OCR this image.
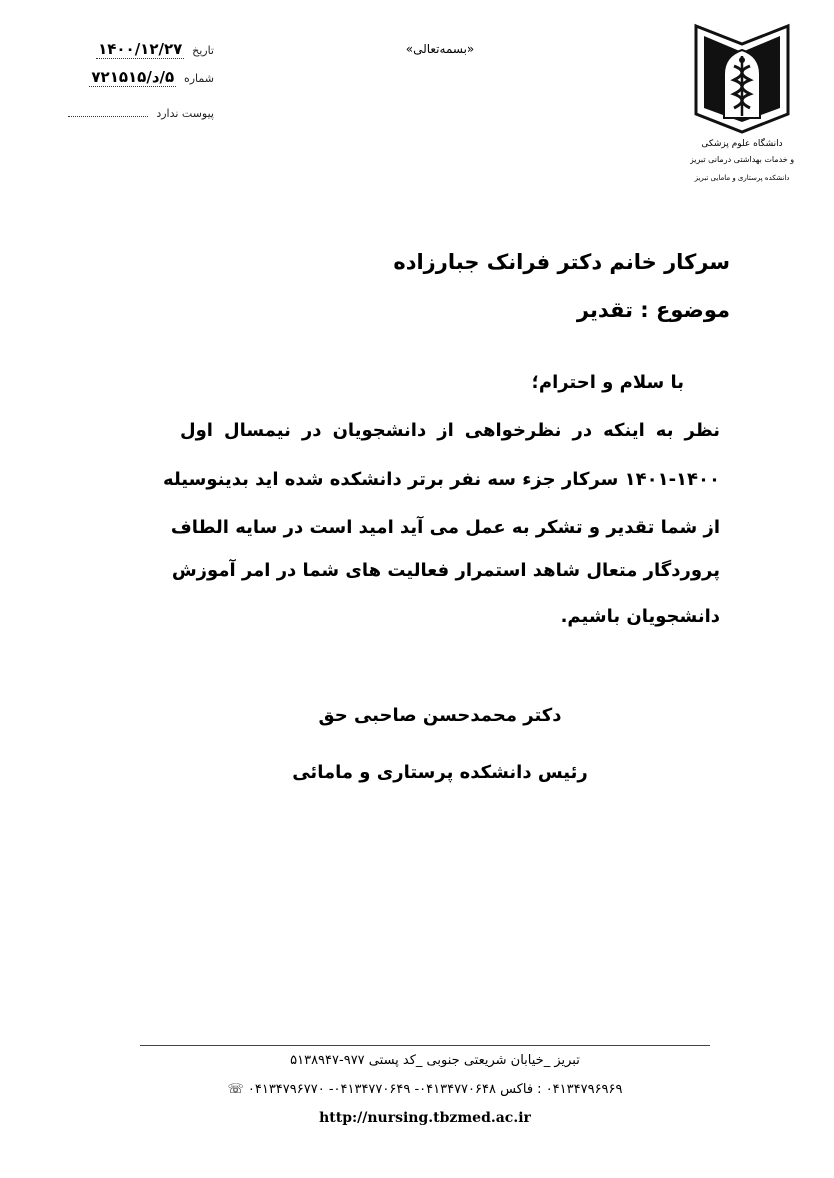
دانشگاه علوم پزشکی
و خدمات بهداشتی درمانی تبریز
دانشکده پرستاری و مامایی تبریز
«بسمه‌تعالی»
تاریخ ۱۴۰۰/۱۲/۲۷
شماره ۵/د/۷۲۱۵۱۵
پیوست ندارد
سرکار خانم دکتر فرانک جبارزاده
موضوع : تقدیر
با سلام و احترام؛
نظر به اینکه در نظرخواهی از دانشجویان در نیمسال اول
۱۴۰۱-۱۴۰۰ سرکار جزء سه نفر برتر دانشکده شده اید بدینوسیله
از شما تقدیر و تشکر به عمل می آید امید است در سایه الطاف
پروردگار متعال شاهد استمرار فعالیت های شما در امر آموزش
دانشجویان باشیم.
دکتر محمدحسن صاحبی حق
رئیس دانشکده پرستاری و مامائی
تبریز _خیابان شریعتی جنوبی _کد پستی ۹۷۷-۵۱۳۸۹۴۷
۰۴۱۳۴۷۹۶۹۶۹ : فاکس ۰۴۱۳۴۷۷۰۶۴۸- ۰۴۱۳۴۷۷۰۶۴۹- ۰۴۱۳۴۷۹۶۷۷۰ ☏
http://nursing.tbzmed.ac.ir
